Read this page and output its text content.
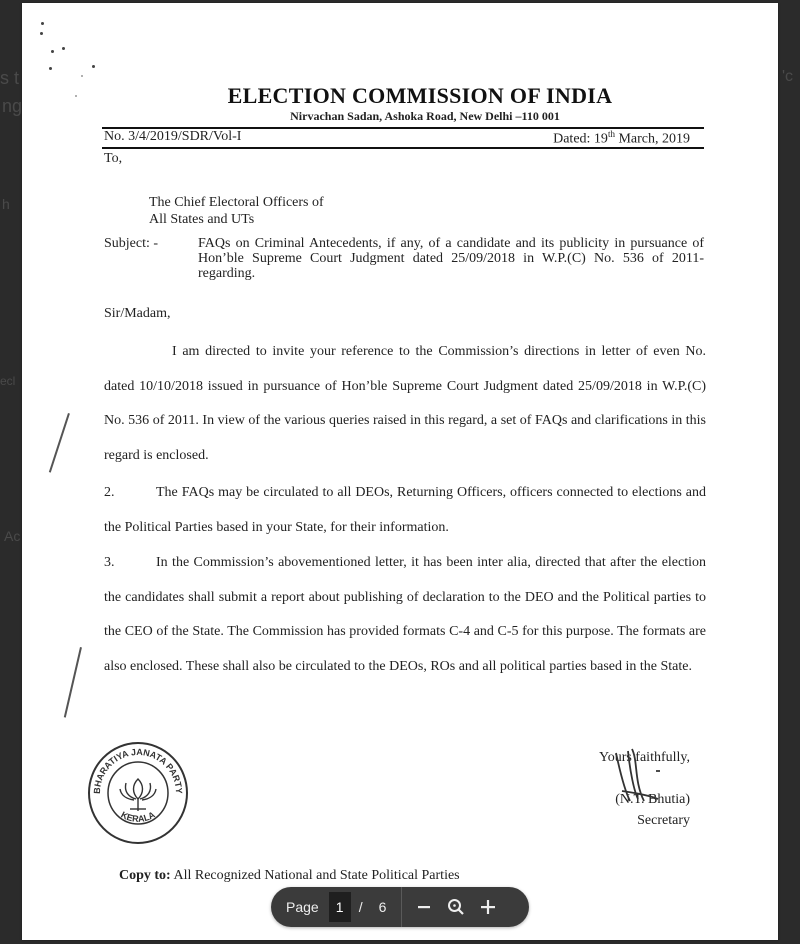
s t
ng
h
ecl
Ac
'c
ELECTION COMMISSION OF INDIA
Nirvachan Sadan, Ashoka Road, New Delhi –110 001
No. 3/4/2019/SDR/Vol-I	Dated: 19th March, 2019
To,
The Chief Electoral Officers of
All States and UTs
Subject: -	FAQs on Criminal Antecedents, if any, of a candidate and its publicity in pursuance of Hon’ble Supreme Court Judgment dated 25/09/2018 in W.P.(C) No. 536 of 2011- regarding.
Sir/Madam,
I am directed to invite your reference to the Commission’s directions in letter of even No. dated 10/10/2018 issued in pursuance of Hon’ble Supreme Court Judgment dated 25/09/2018 in W.P.(C) No. 536 of 2011. In view of the various queries raised in this regard, a set of FAQs and clarifications in this regard is enclosed.
2.	The FAQs may be circulated to all DEOs, Returning Officers, officers connected to elections and the Political Parties based in your State, for their information.
3.	In the Commission’s abovementioned letter, it has been inter alia, directed that after the election the candidates shall submit a report about publishing of declaration to the DEO and the Political parties to the CEO of the State. The Commission has provided formats C-4 and C-5 for this purpose. The formats are also enclosed. These shall also be circulated to the DEOs, ROs and all political parties based in the State.
BHARATIYA JANATA PARTY
KERALA
Yours faithfully,
(N.T. Bhutia)
Secretary
Copy to: All Recognized National and State Political Parties
Page	1	/ 6
